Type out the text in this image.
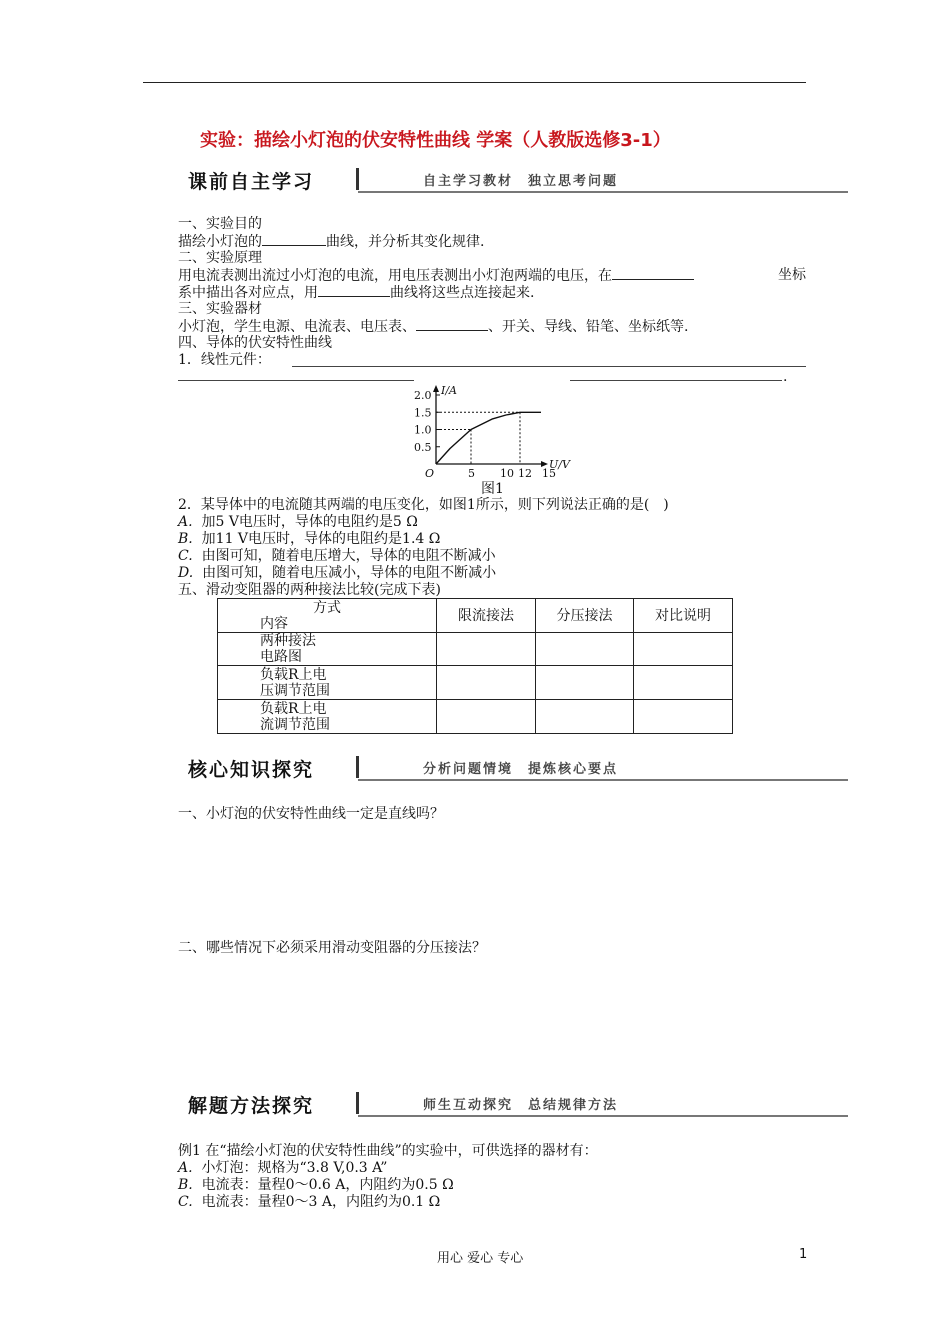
实验：描绘小灯泡的伏安特性曲线 学案（人教版选修3-1）
课前自主学习	自主学习教材　独立思考问题
一、实验目的
描绘小灯泡的	曲线，并分析其变化规律.
二、实验原理
用电流表测出流过小灯泡的电流，用电压表测出小灯泡两端的电压，在	坐标
系中描出各对应点，用	曲线将这些点连接起来.
三、实验器材
小灯泡，学生电源、电流表、电压表、	、开关、导线、铅笔、坐标纸等.
四、导体的伏安特性曲线
1．线性元件：
.
I/A
U/V
O
2.0
1.5
1.0
0.5
5 10 12 15
图1
2．某导体中的电流随其两端的电压变化，如图1所示，则下列说法正确的是(　)
A. 加5 V电压时，导体的电阻约是5 Ω
B. 加11 V电压时，导体的电阻约是1.4 Ω
C. 由图可知，随着电压增大，导体的电阻不断减小
D. 由图可知，随着电压减小，导体的电阻不断减小
五、滑动变阻器的两种接法比较(完成下表)
方式
内容	限流接法	分压接法	对比说明

两种接法
电路图			

负载R上电
压调节范围			

负载R上电
流调节范围			

核心知识探究	分析问题情境　提炼核心要点
一、小灯泡的伏安特性曲线一定是直线吗？
二、哪些情况下必须采用滑动变阻器的分压接法？
解题方法探究	师生互动探究　总结规律方法
例1 在“描绘小灯泡的伏安特性曲线”的实验中，可供选择的器材有：
A. 小灯泡：规格为“3.8 V,0.3 A”
B. 电流表：量程0～0.6 A，内阻约为0.5 Ω
C. 电流表：量程0～3 A，内阻约为0.1 Ω
用心 爱心 专心	1
